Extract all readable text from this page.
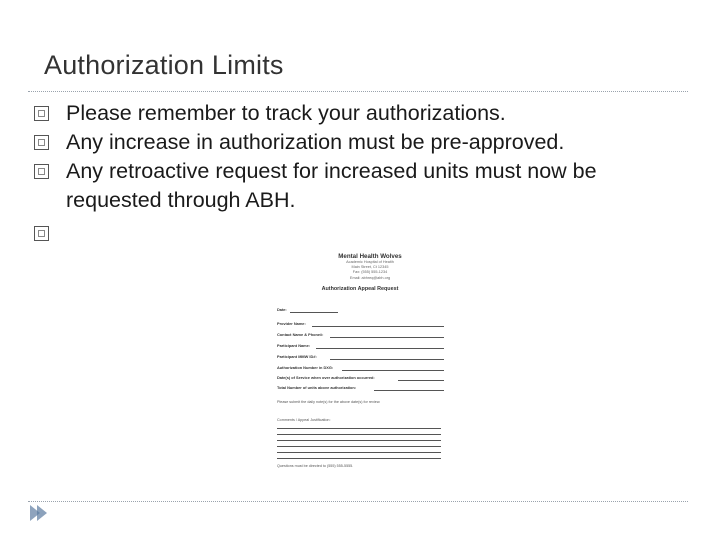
Authorization Limits
Please remember to track your authorizations.
Any increase in authorization must be pre-approved.
Any retroactive request for increased units must now be requested through ABH.
Mental Health Wolves
Academic Hospital of Health
Main Street, Ct 12345
Fax: (555) 555-1234
Email: abhreq@abh.org
Authorization Appeal Request
Date:
Provider Name:
Contact Name & Phone#:
Participant Name:
Participant MMW ID#:
Authorization Number in DXG:
Date(s) of Service when over authorization occurred:
Total Number of units above authorization:
Please submit the daily note(s) for the above date(s) for review.
Comments / Appeal Justification:
Questions must be directed to (555) 555-5555.
